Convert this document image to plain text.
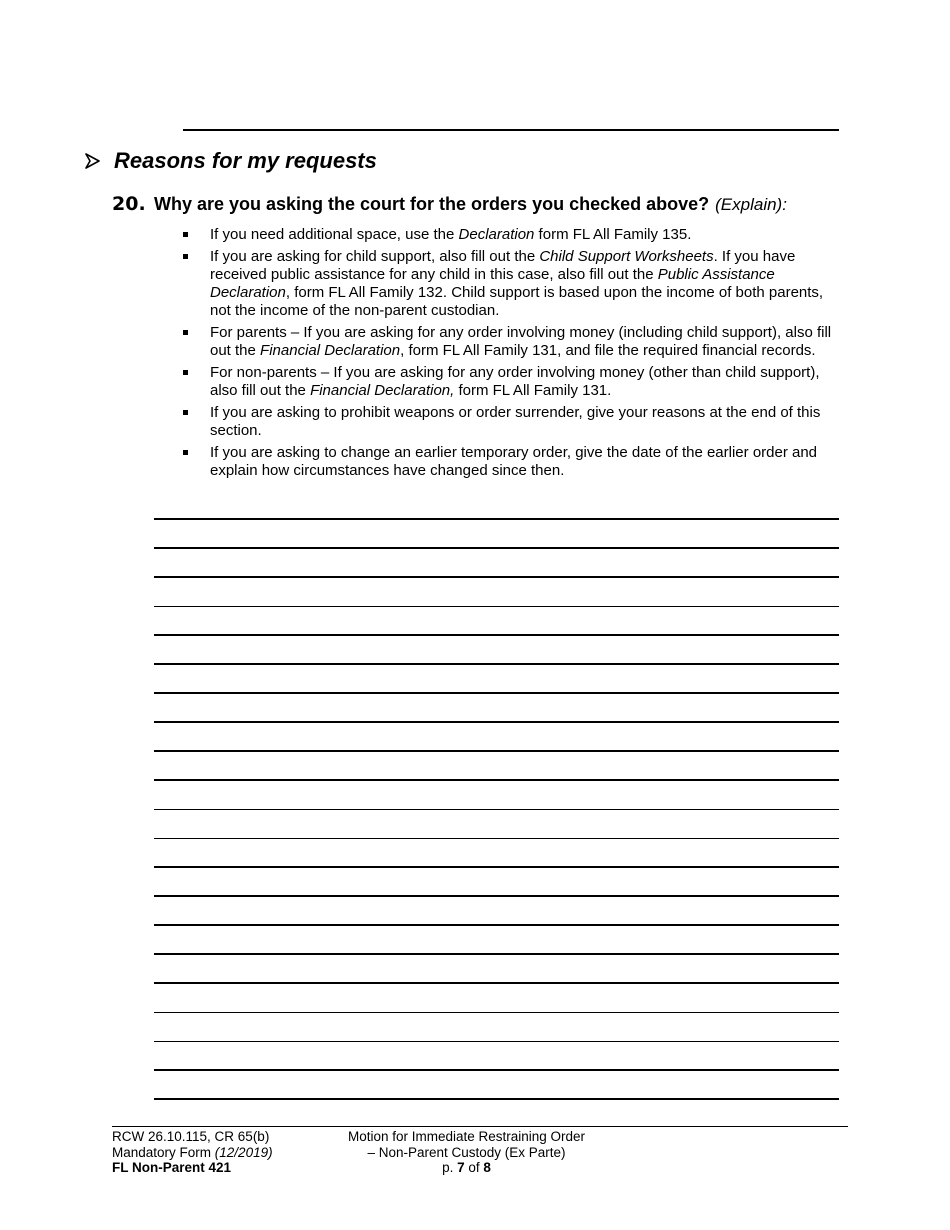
Reasons for my requests
20. Why are you asking the court for the orders you checked above? (Explain):
If you need additional space, use the Declaration form FL All Family 135.
If you are asking for child support, also fill out the Child Support Worksheets. If you have received public assistance for any child in this case, also fill out the Public Assistance Declaration, form FL All Family 132. Child support is based upon the income of both parents, not the income of the non-parent custodian.
For parents – If you are asking for any order involving money (including child support), also fill out the Financial Declaration, form FL All Family 131, and file the required financial records.
For non-parents – If you are asking for any order involving money (other than child support), also fill out the Financial Declaration, form FL All Family 131.
If you are asking to prohibit weapons or order surrender, give your reasons at the end of this section.
If you are asking to change an earlier temporary order, give the date of the earlier order and explain how circumstances have changed since then.
RCW 26.10.115, CR 65(b)
Mandatory Form (12/2019)
FL Non-Parent 421
Motion for Immediate Restraining Order
– Non-Parent Custody (Ex Parte)
p. 7 of 8
